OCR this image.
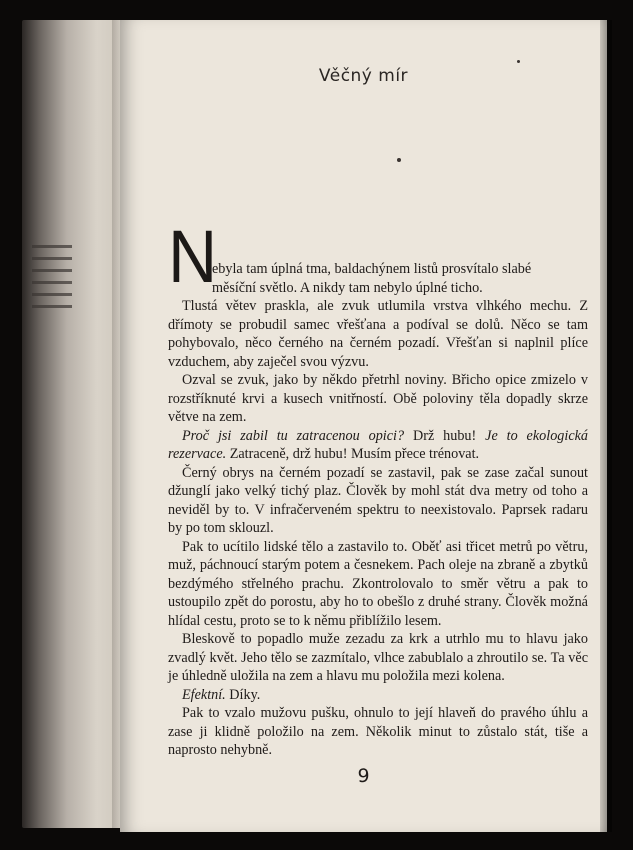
Věčný mír
N

ebyla tam úplná tma, baldachýnem listů prosvítalo slabé

měsíční světlo. A nikdy tam nebylo úplné ticho.

Tlustá větev praskla, ale zvuk utlumila vrstva vlhkého mechu. Z dřímoty se probudil samec vřešťana a podíval se dolů. Něco se tam pohybovalo, něco černého na černém pozadí. Vřešťan si naplnil plíce vzduchem, aby zaječel svou výzvu.

Ozval se zvuk, jako by někdo přetrhl noviny. Břicho opice zmizelo v rozstříknuté krvi a kusech vnitřností. Obě poloviny těla dopadly skrze větve na zem.

Proč jsi zabil tu zatracenou opici? Drž hubu! Je to ekologická rezervace. Zatraceně, drž hubu! Musím přece trénovat.

Černý obrys na černém pozadí se zastavil, pak se zase začal sunout džunglí jako velký tichý plaz. Člověk by mohl stát dva metry od toho a neviděl by to. V infračerveném spektru to neexistovalo. Paprsek radaru by po tom sklouzl.

Pak to ucítilo lidské tělo a zastavilo to. Oběť asi třicet metrů po větru, muž, páchnoucí starým potem a česnekem. Pach oleje na zbraně a zbytků bezdýmého střelného prachu. Zkontrolovalo to směr větru a pak to ustoupilo zpět do porostu, aby ho to obešlo z druhé strany. Člověk možná hlídal cestu, proto se to k němu přiblížilo lesem.

Bleskově to popadlo muže zezadu za krk a utrhlo mu to hlavu jako zvadlý květ. Jeho tělo se zazmítalo, vlhce zabublalo a zhroutilo se. Ta věc je úhledně uložila na zem a hlavu mu položila mezi kolena.

Efektní. Díky.

Pak to vzalo mužovu pušku, ohnulo to její hlaveň do pravého úhlu a zase ji klidně položilo na zem. Několik minut to zůstalo stát, tiše a naprosto nehybně.

9
